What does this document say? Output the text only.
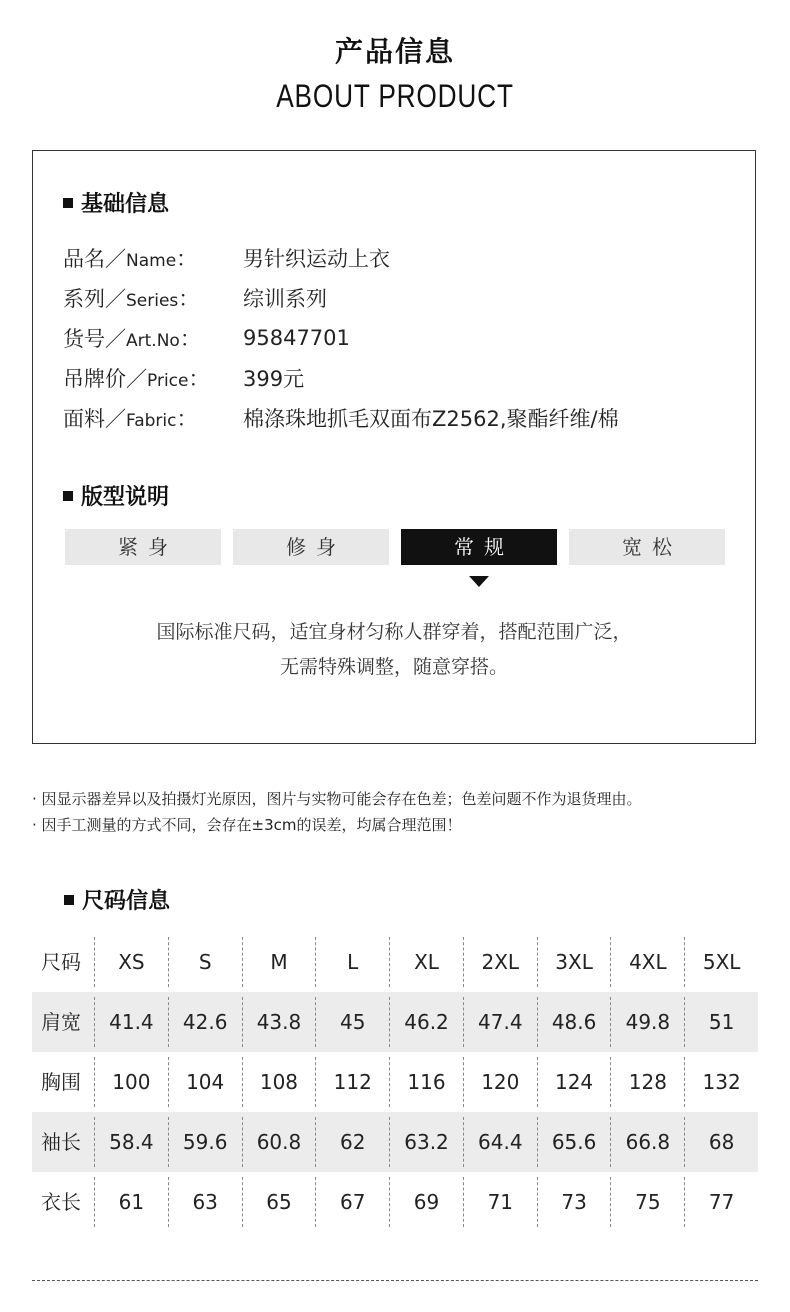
产品信息
ABOUT PRODUCT
基础信息
品名／Name：	男针织运动上衣
系列／Series：	综训系列
货号／Art.No：	95847701
吊牌价／Price：	399元
面料／Fabric：	棉涤珠地抓毛双面布Z2562,聚酯纤维/棉
版型说明
紧身	修身	常规	宽松
国际标准尺码，适宜身材匀称人群穿着，搭配范围广泛，
无需特殊调整，随意穿搭。
· 因显示器差异以及拍摄灯光原因，图片与实物可能会存在色差；色差问题不作为退货理由。
· 因手工测量的方式不同，会存在±3cm的误差，均属合理范围！
尺码信息
尺码	XS	S	M	L	XL	2XL	3XL	4XL	5XL
肩宽	41.4	42.6	43.8	45	46.2	47.4	48.6	49.8	51
胸围	100	104	108	112	116	120	124	128	132
袖长	58.4	59.6	60.8	62	63.2	64.4	65.6	66.8	68
衣长	61	63	65	67	69	71	73	75	77
